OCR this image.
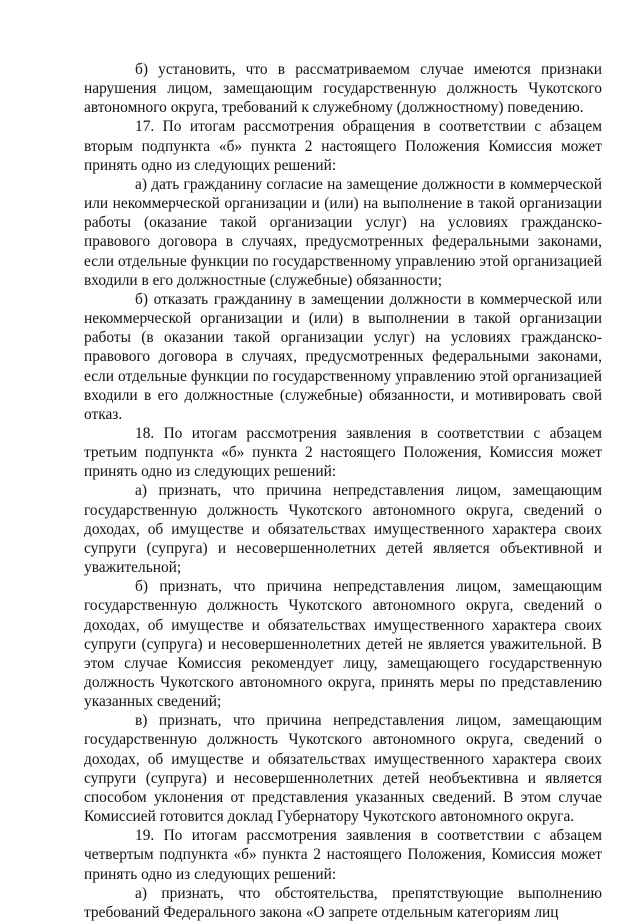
б) установить, что в рассматриваемом случае имеются признаки нарушения лицом, замещающим государственную должность Чукотского автономного округа, требований к служебному (должностному) поведению.

17. По итогам рассмотрения обращения в соответствии с абзацем вторым подпункта «б» пункта 2 настоящего Положения Комиссия может принять одно из следующих решений:

а) дать гражданину согласие на замещение должности в коммерческой или некоммерческой организации и (или) на выполнение в такой организации работы (оказание такой организации услуг) на условиях гражданско-правового договора в случаях, предусмотренных федеральными законами, если отдельные функции по государственному управлению этой организацией входили в его должностные (служебные) обязанности;

б) отказать гражданину в замещении должности в коммерческой или некоммерческой организации и (или) в выполнении в такой организации работы (в оказании такой организации услуг) на условиях гражданско-правового договора в случаях, предусмотренных федеральными законами, если отдельные функции по государственному управлению этой организацией входили в его должностные (служебные) обязанности, и мотивировать свой отказ.

18. По итогам рассмотрения заявления в соответствии с абзацем третьим подпункта «б» пункта 2 настоящего Положения, Комиссия может принять одно из следующих решений:

а) признать, что причина непредставления лицом, замещающим государственную должность Чукотского автономного округа, сведений о доходах, об имуществе и обязательствах имущественного характера своих супруги (супруга) и несовершеннолетних детей является объективной и уважительной;

б) признать, что причина непредставления лицом, замещающим государственную должность Чукотского автономного округа, сведений о доходах, об имуществе и обязательствах имущественного характера своих супруги (супруга) и несовершеннолетних детей не является уважительной. В этом случае Комиссия рекомендует лицу, замещающего государственную должность Чукотского автономного округа, принять меры по представлению указанных сведений;

в) признать, что причина непредставления лицом, замещающим государственную должность Чукотского автономного округа, сведений о доходах, об имуществе и обязательствах имущественного характера своих супруги (супруга) и несовершеннолетних детей необъективна и является способом уклонения от представления указанных сведений. В этом случае Комиссией готовится доклад Губернатору Чукотского автономного округа.

19. По итогам рассмотрения заявления в соответствии с абзацем четвертым подпункта «б» пункта 2 настоящего Положения, Комиссия может принять одно из следующих решений:

а) признать, что обстоятельства, препятствующие выполнению требований Федерального закона «О запрете отдельным категориям лиц
